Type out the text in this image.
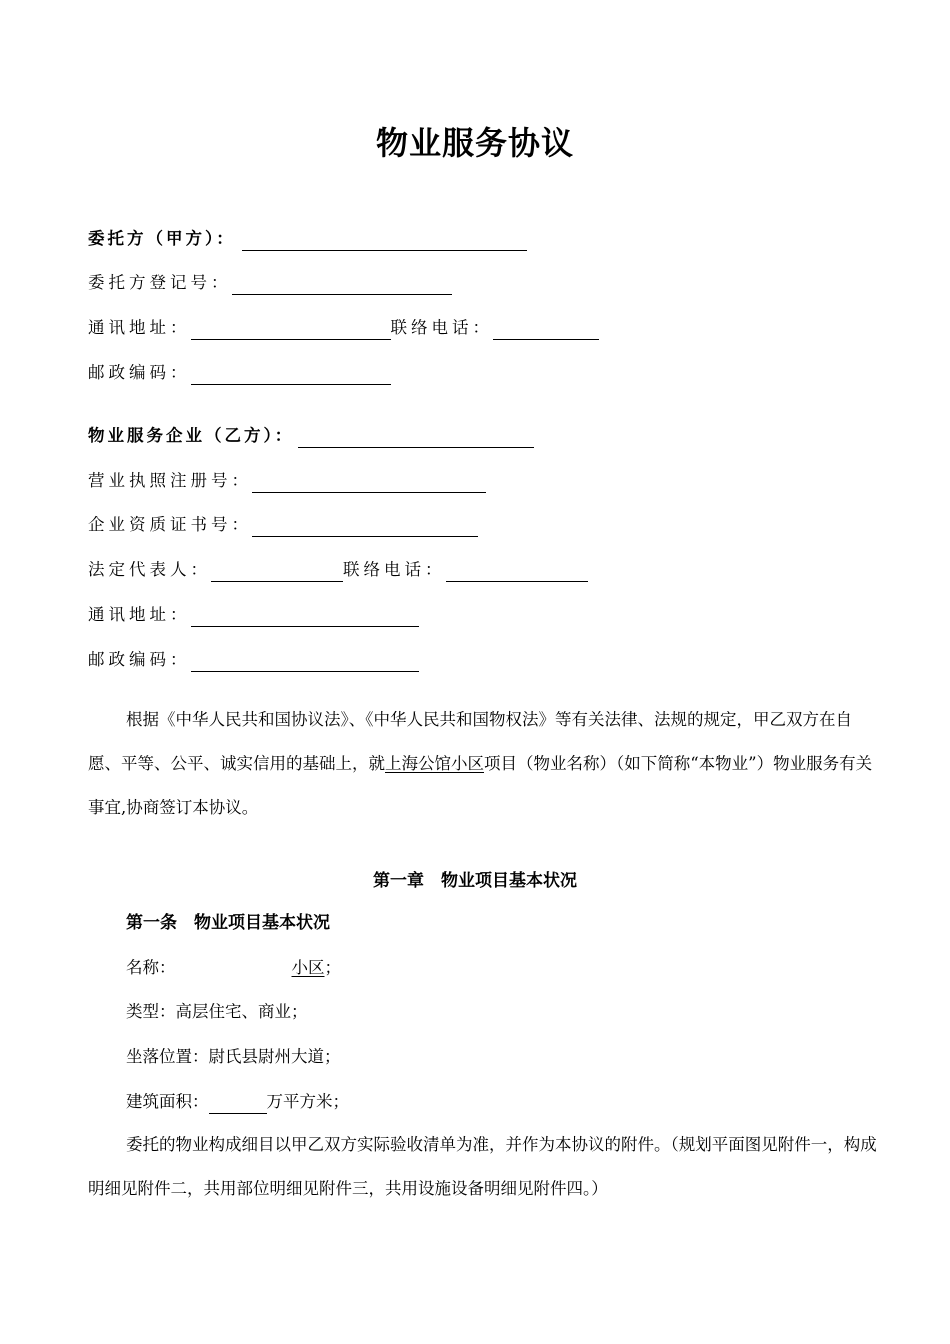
物业服务协议
委托方（甲方）：
委托方登记号：
通讯地址：	联络电话：
邮政编码：
物业服务企业（乙方）：
营业执照注册号：
企业资质证书号：
法定代表人：	联络电话：
通讯地址：
邮政编码：
根据《中华人民共和国协议法》、《中华人民共和国物权法》等有关法律、法规的规定，甲乙双方在自愿、平等、公平、诚实信用的基础上，就上海公馆小区项目（物业名称）（如下简称“本物业”）物业服务有关事宜,协商签订本协议。
第一章　物业项目基本状况
第一条　物业项目基本状况
名称：	小区；
类型：高层住宅、商业；
坐落位置：尉氏县尉州大道；
建筑面积：	万平方米；
委托的物业构成细目以甲乙双方实际验收清单为准，并作为本协议的附件。（规划平面图见附件一，构成明细见附件二，共用部位明细见附件三，共用设施设备明细见附件四。）
